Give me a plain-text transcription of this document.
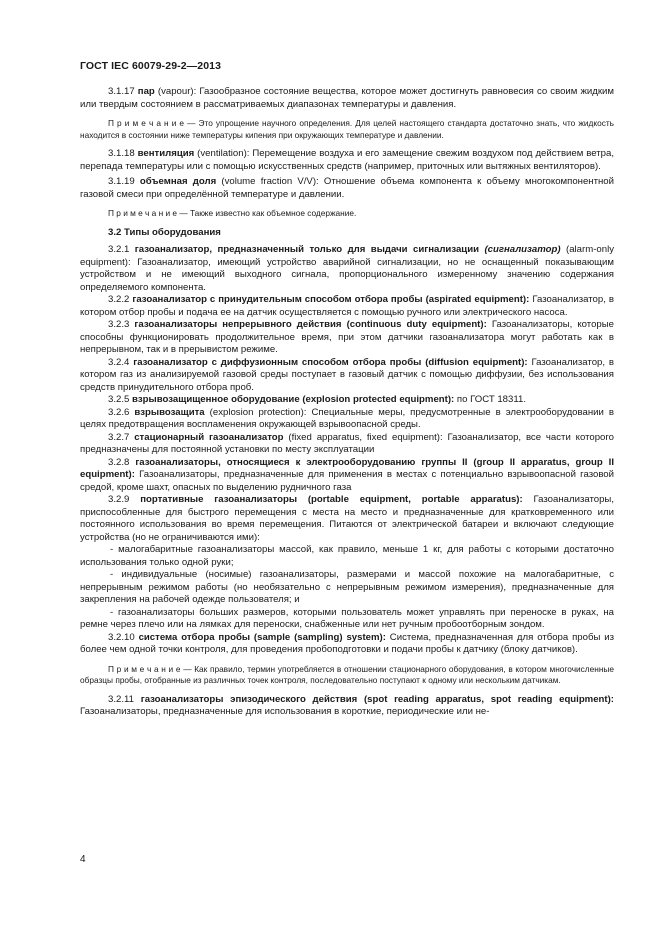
ГОСТ IEC 60079-29-2—2013

3.1.17 пар (vapour): Газообразное состояние вещества, которое может достигнуть равновесия со своим жидким или твердым состоянием в рассматриваемых диапазонах температуры и давления.

П р и м е ч а н и е — Это упрощение научного определения. Для целей настоящего стандарта достаточно знать, что жидкость находится в состоянии ниже температуры кипения при окружающих температуре и давлении.

3.1.18 вентиляция (ventilation): Перемещение воздуха и его замещение свежим воздухом под действием ветра, перепада температуры или с помощью искусственных средств (например, приточных или вытяжных вентиляторов).

3.1.19 объемная доля (volume fraction V/V): Отношение объема компонента к объему многокомпонентной газовой смеси при определённой температуре и давлении.

П р и м е ч а н и е — Также известно как объемное содержание.

3.2 Типы оборудования

3.2.1 газоанализатор, предназначенный только для выдачи сигнализации (сигнализатор) (alarm-only equipment): Газоанализатор, имеющий устройство аварийной сигнализации, но не оснащенный показывающим устройством и не имеющий выходного сигнала, пропорционального измеренному значению содержания определяемого компонента.

3.2.2 газоанализатор с принудительным способом отбора пробы (aspirated equipment): Газоанализатор, в котором отбор пробы и подача ее на датчик осуществляется с помощью ручного или электрического насоса.

3.2.3 газоанализаторы непрерывного действия (continuous duty equipment): Газоанализаторы, которые способны функционировать продолжительное время, при этом датчики газоанализатора могут работать как в непрерывном, так и в прерывистом режиме.

3.2.4 газоанализатор с диффузионным способом отбора пробы (diffusion equipment): Газоанализатор, в котором газ из анализируемой газовой среды поступает в газовый датчик с помощью диффузии, без использования средств принудительного отбора проб.

3.2.5 взрывозащищенное оборудование (explosion protected equipment): по ГОСТ 18311.

3.2.6 взрывозащита (explosion protection): Специальные меры, предусмотренные в электрооборудовании в целях предотвращения воспламенения окружающей взрывоопасной среды.

3.2.7 стационарный газоанализатор (fixed apparatus, fixed equipment): Газоанализатор, все части которого предназначены для постоянной установки по месту эксплуатации

3.2.8 газоанализаторы, относящиеся к электрооборудованию группы II (group II apparatus, group II equipment): Газоанализаторы, предназначенные для применения в местах с потенциально взрывоопасной газовой средой, кроме шахт, опасных по выделению рудничного газа

3.2.9 портативные газоанализаторы (portable equipment, portable apparatus): Газоанализаторы, приспособленные для быстрого перемещения с места на место и предназначенные для кратковременного или постоянного использования во время перемещения. Питаются от электрической батареи и включают следующие устройства (но не ограничиваются ими):

- малогабаритные газоанализаторы массой, как правило, меньше 1 кг, для работы с которыми достаточно использования только одной руки;

- индивидуальные (носимые) газоанализаторы, размерами и массой похожие на малогабаритные, с непрерывным режимом работы (но необязательно с непрерывным режимом измерения), предназначенные для закрепления на рабочей одежде пользователя; и

- газоанализаторы больших размеров, которыми пользователь может управлять при переноске в руках, на ремне через плечо или на лямках для переноски, снабженные или нет ручным пробоотборным зондом.

3.2.10 система отбора пробы (sample (sampling) system): Система, предназначенная для отбора пробы из более чем одной точки контроля, для проведения пробоподготовки и подачи пробы к датчику (блоку датчиков).

П р и м е ч а н и е — Как правило, термин употребляется в отношении стационарного оборудования, в котором многочисленные образцы пробы, отобранные из различных точек контроля, последовательно поступают к одному или нескольким датчикам.

3.2.11 газоанализаторы эпизодического действия (spot reading apparatus, spot reading equipment): Газоанализаторы, предназначенные для использования в короткие, периодические или не-

4
